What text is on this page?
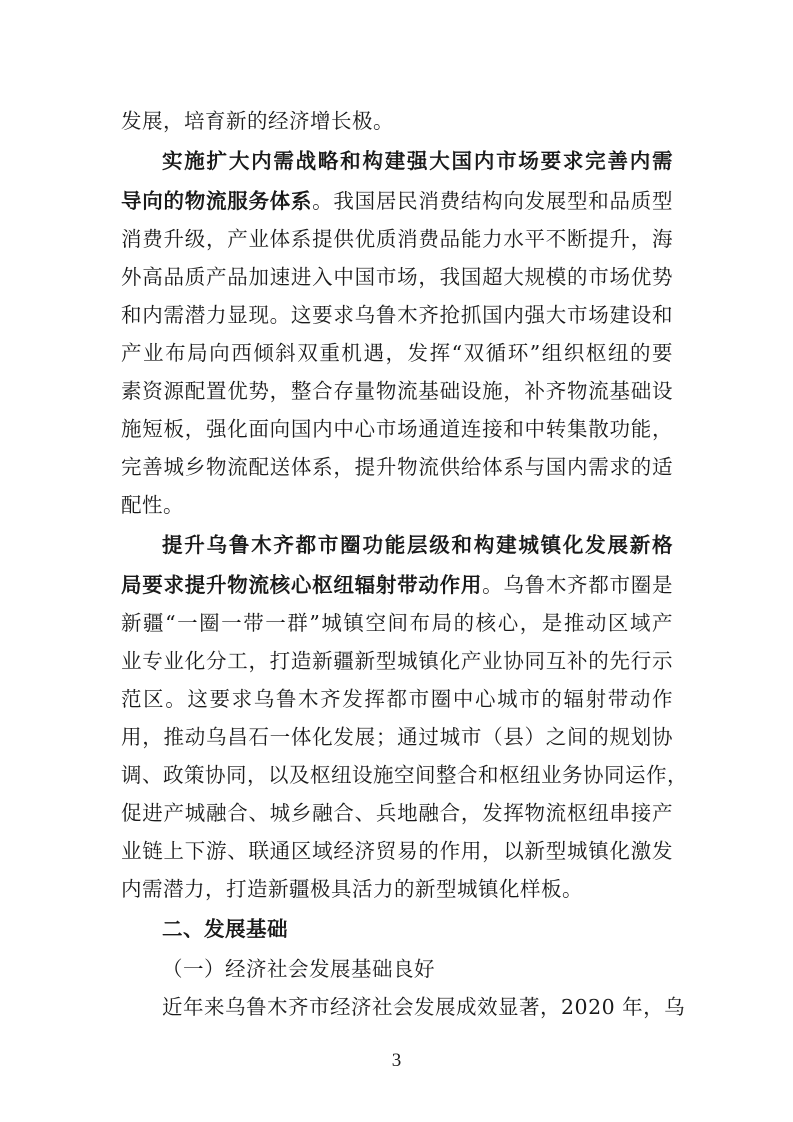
发展，培育新的经济增长极。
实施扩大内需战略和构建强大国内市场要求完善内需
导向的物流服务体系。我国居民消费结构向发展型和品质型
消费升级，产业体系提供优质消费品能力水平不断提升，海
外高品质产品加速进入中国市场，我国超大规模的市场优势
和内需潜力显现。这要求乌鲁木齐抢抓国内强大市场建设和
产业布局向西倾斜双重机遇，发挥“双循环”组织枢纽的要
素资源配置优势，整合存量物流基础设施，补齐物流基础设
施短板，强化面向国内中心市场通道连接和中转集散功能，
完善城乡物流配送体系，提升物流供给体系与国内需求的适
配性。
提升乌鲁木齐都市圈功能层级和构建城镇化发展新格
局要求提升物流核心枢纽辐射带动作用。乌鲁木齐都市圈是
新疆“一圈一带一群”城镇空间布局的核心，是推动区域产
业专业化分工，打造新疆新型城镇化产业协同互补的先行示
范区。这要求乌鲁木齐发挥都市圈中心城市的辐射带动作
用，推动乌昌石一体化发展；通过城市（县）之间的规划协
调、政策协同，以及枢纽设施空间整合和枢纽业务协同运作，
促进产城融合、城乡融合、兵地融合，发挥物流枢纽串接产
业链上下游、联通区域经济贸易的作用，以新型城镇化激发
内需潜力，打造新疆极具活力的新型城镇化样板。
二、发展基础
（一）经济社会发展基础良好
近年来乌鲁木齐市经济社会发展成效显著，2020 年，乌
3
